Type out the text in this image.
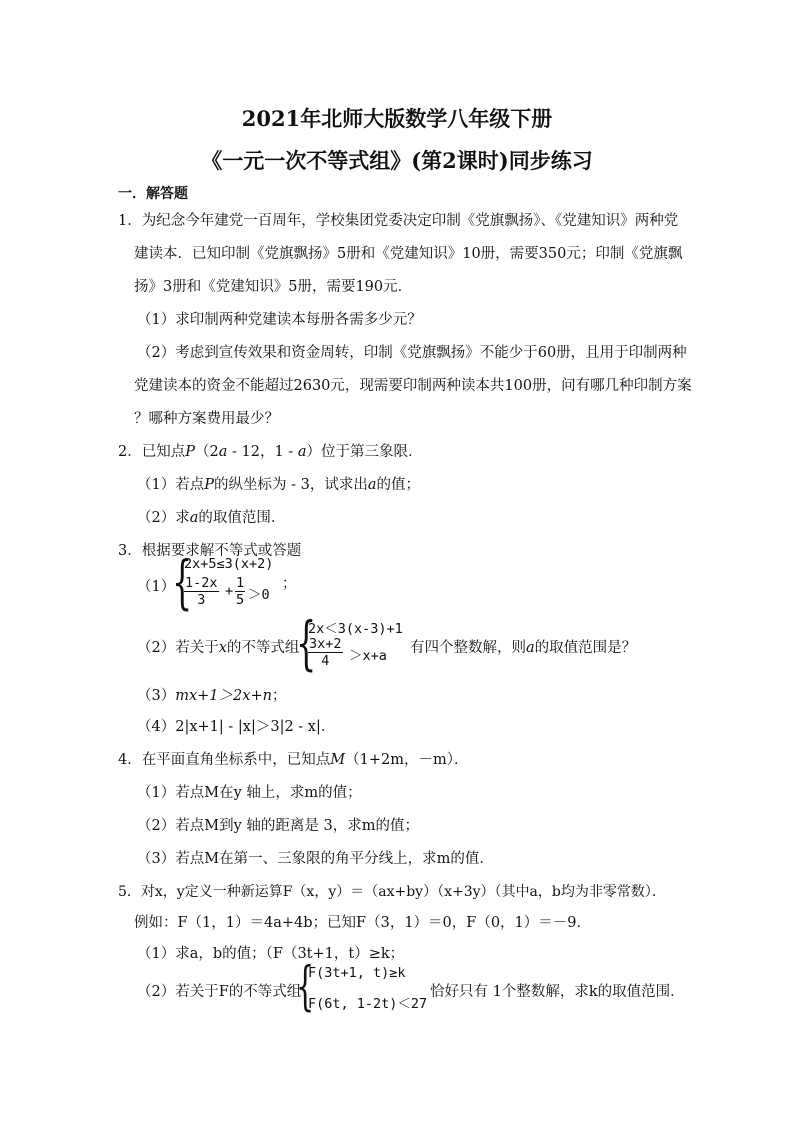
2021年北师大版数学八年级下册
《一元一次不等式组》(第2课时)同步练习
一．解答题
1．为纪念今年建党一百周年，学校集团党委决定印制《党旗飘扬》、《党建知识》两种党
建读本．已知印制《党旗飘扬》5册和《党建知识》10册，需要350元；印制《党旗飘
扬》3册和《党建知识》5册，需要190元．
（1）求印制两种党建读本每册各需多少元？
（2）考虑到宣传效果和资金周转，印制《党旗飘扬》不能少于60册，且用于印制两种
党建读本的资金不能超过2630元，现需要印制两种读本共100册，问有哪几种印制方案
？哪种方案费用最少？
2．已知点P（2a - 12，1 - a）位于第三象限．
（1）若点P的纵坐标为 - 3，试求出a的值；
（2）求a的取值范围．
3．根据要求解不等式或答题
（1）
{
2x+5≤3(x+2)
$\frac{1-2x}{3} + \frac{1}{5} >0$
；
（2）若关于x的不等式组
{
2x＜3(x-3)+1
$\frac{3x+2}{4} >x+a$ 有四个整数解，则a的取值范围是？
（3）mx+1＞2x+n；
（4）2|x+1| - |x|＞3|2 - x|．
4．在平面直角坐标系中，已知点M（1+2m，－m）．
（1）若点M在y 轴上，求m的值；
（2）若点M到y 轴的距离是 3，求m的值；
（3）若点M在第一、三象限的角平分线上，求m的值．
5．对x，y定义一种新运算F（x，y）＝（ax+by）（x+3y）（其中a，b均为非零常数）．
例如：F（1，1）＝4a+4b；已知F（3，1）＝0，F（0，1）＝－9．
（1）求a，b的值；（F（3t+1，t）≥k；
（2）若关于F的不等式组
{
F(3t+1, t)≥k
F(6t, 1-2t)＜27
恰好只有 1个整数解，求k的取值范围．
